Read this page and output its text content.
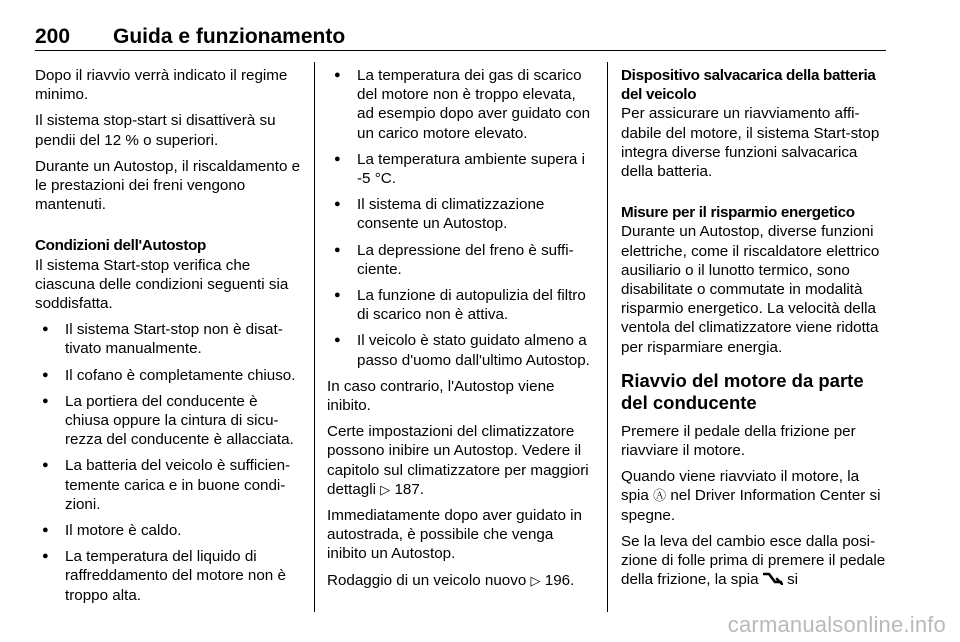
200 Guida e funzionamento

Dopo il riavvio verrà indicato il regime minimo.

Il sistema stop-start si disattiverà su pendii del 12 % o superiori.

Durante un Autostop, il riscaldamento e le prestazioni dei freni vengono mantenuti.

Condizioni dell'Autostop

Il sistema Start-stop verifica che ciascuna delle condizioni seguenti sia soddisfatta.

● Il sistema Start-stop non è disattivato manualmente.
● Il cofano è completamente chiuso.
● La portiera del conducente è chiusa oppure la cintura di sicurezza del conducente è allacciata.
● La batteria del veicolo è sufficientemente carica e in buone condizioni.
● Il motore è caldo.
● La temperatura del liquido di raffreddamento del motore non è troppo alta.
● La temperatura dei gas di scarico del motore non è troppo elevata, ad esempio dopo aver guidato con un carico motore elevato.
● La temperatura ambiente supera i -5 °C.
● Il sistema di climatizzazione consente un Autostop.
● La depressione del freno è sufficiente.
● La funzione di autopulizia del filtro di scarico non è attiva.
● Il veicolo è stato guidato almeno a passo d'uomo dall'ultimo Autostop.

In caso contrario, l'Autostop viene inibito.

Certe impostazioni del climatizzatore possono inibire un Autostop. Vedere il capitolo sul climatizzatore per maggiori dettagli ▷ 187.

Immediatamente dopo aver guidato in autostrada, è possibile che venga inibito un Autostop.

Rodaggio di un veicolo nuovo ▷ 196.

Dispositivo salvacarica della batteria del veicolo

Per assicurare un riavviamento affidabile del motore, il sistema Start-stop integra diverse funzioni salvacarica della batteria.

Misure per il risparmio energetico

Durante un Autostop, diverse funzioni elettriche, come il riscaldatore elettrico ausiliario o il lunotto termico, sono disabilitate o commutate in modalità risparmio energetico. La velocità della ventola del climatizzatore viene ridotta per risparmiare energia.

Riavvio del motore da parte del conducente

Premere il pedale della frizione per riavviare il motore.

Quando viene riavviato il motore, la spia Ⓐ nel Driver Information Center si spegne.

Se la leva del cambio esce dalla posizione di folle prima di premere il pedale della frizione, la spia si

carmanualsonline.info
